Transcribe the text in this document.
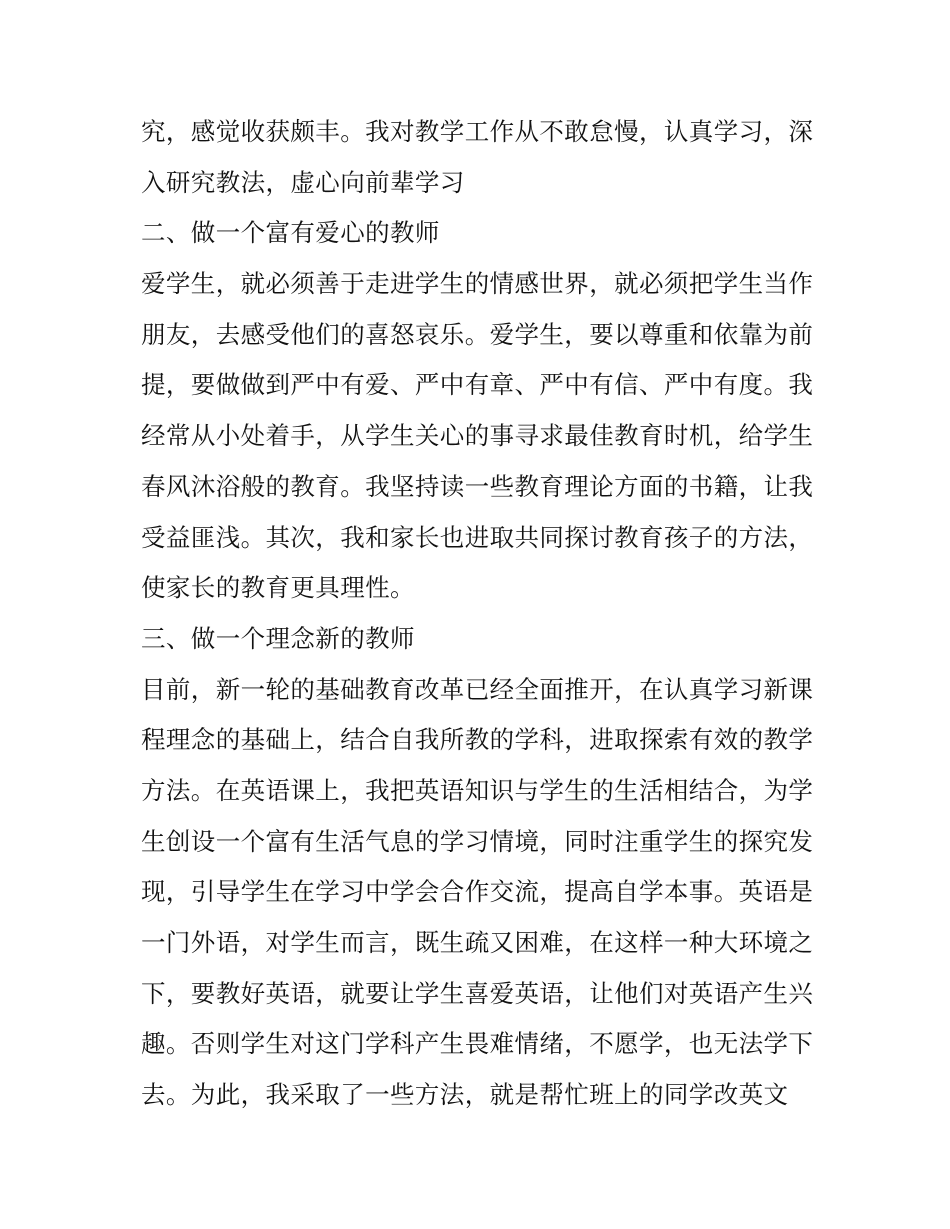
究，感觉收获颇丰。我对教学工作从不敢怠慢，认真学习，深
入研究教法，虚心向前辈学习
二、做一个富有爱心的教师
爱学生，就必须善于走进学生的情感世界，就必须把学生当作
朋友，去感受他们的喜怒哀乐。爱学生，要以尊重和依靠为前
提，要做做到严中有爱、严中有章、严中有信、严中有度。我
经常从小处着手，从学生关心的事寻求最佳教育时机，给学生
春风沐浴般的教育。我坚持读一些教育理论方面的书籍，让我
受益匪浅。其次，我和家长也进取共同探讨教育孩子的方法，
使家长的教育更具理性。
三、做一个理念新的教师
目前，新一轮的基础教育改革已经全面推开，在认真学习新课
程理念的基础上，结合自我所教的学科，进取探索有效的教学
方法。在英语课上，我把英语知识与学生的生活相结合，为学
生创设一个富有生活气息的学习情境，同时注重学生的探究发
现，引导学生在学习中学会合作交流，提高自学本事。英语是
一门外语，对学生而言，既生疏又困难，在这样一种大环境之
下，要教好英语，就要让学生喜爱英语，让他们对英语产生兴
趣。否则学生对这门学科产生畏难情绪，不愿学，也无法学下
去。为此，我采取了一些方法，就是帮忙班上的同学改英文
